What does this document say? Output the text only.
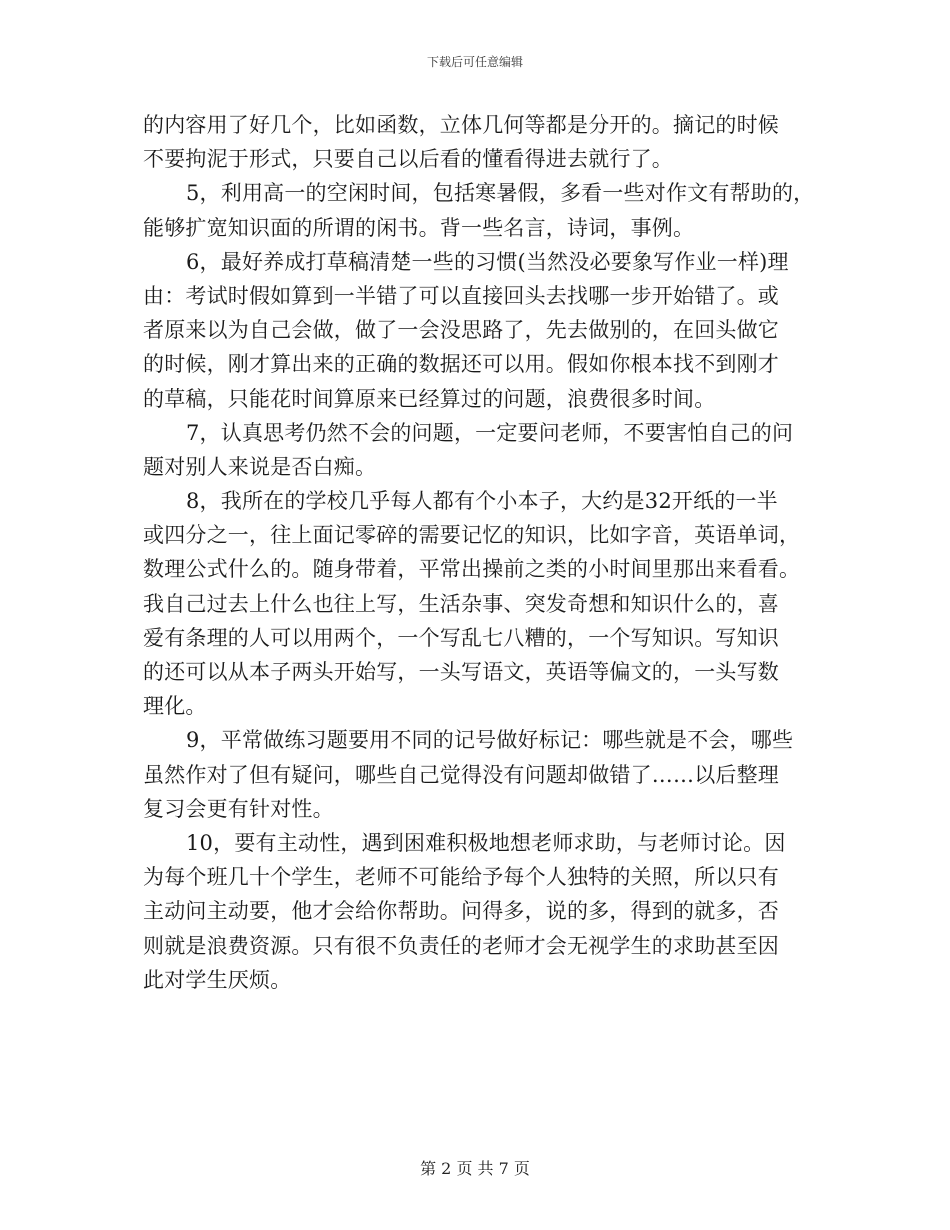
下载后可任意编辑
的内容用了好几个，比如函数，立体几何等都是分开的。摘记的时候
不要拘泥于形式，只要自己以后看的懂看得进去就行了。
5，利用高一的空闲时间，包括寒暑假，多看一些对作文有帮助的，
能够扩宽知识面的所谓的闲书。背一些名言，诗词，事例。
6，最好养成打草稿清楚一些的习惯(当然没必要象写作业一样)理
由：考试时假如算到一半错了可以直接回头去找哪一步开始错了。或
者原来以为自己会做，做了一会没思路了，先去做别的，在回头做它
的时候，刚才算出来的正确的数据还可以用。假如你根本找不到刚才
的草稿，只能花时间算原来已经算过的问题，浪费很多时间。
7，认真思考仍然不会的问题，一定要问老师，不要害怕自己的问
题对别人来说是否白痴。
8，我所在的学校几乎每人都有个小本子，大约是32开纸的一半
或四分之一，往上面记零碎的需要记忆的知识，比如字音，英语单词，
数理公式什么的。随身带着，平常出操前之类的小时间里那出来看看。
我自己过去上什么也往上写，生活杂事、突发奇想和知识什么的，喜
爱有条理的人可以用两个，一个写乱七八糟的，一个写知识。写知识
的还可以从本子两头开始写，一头写语文，英语等偏文的，一头写数
理化。
9，平常做练习题要用不同的记号做好标记：哪些就是不会，哪些
虽然作对了但有疑问，哪些自己觉得没有问题却做错了……以后整理
复习会更有针对性。
10，要有主动性，遇到困难积极地想老师求助，与老师讨论。因
为每个班几十个学生，老师不可能给予每个人独特的关照，所以只有
主动问主动要，他才会给你帮助。问得多，说的多，得到的就多，否
则就是浪费资源。只有很不负责任的老师才会无视学生的求助甚至因
此对学生厌烦。
第 2 页 共 7 页
